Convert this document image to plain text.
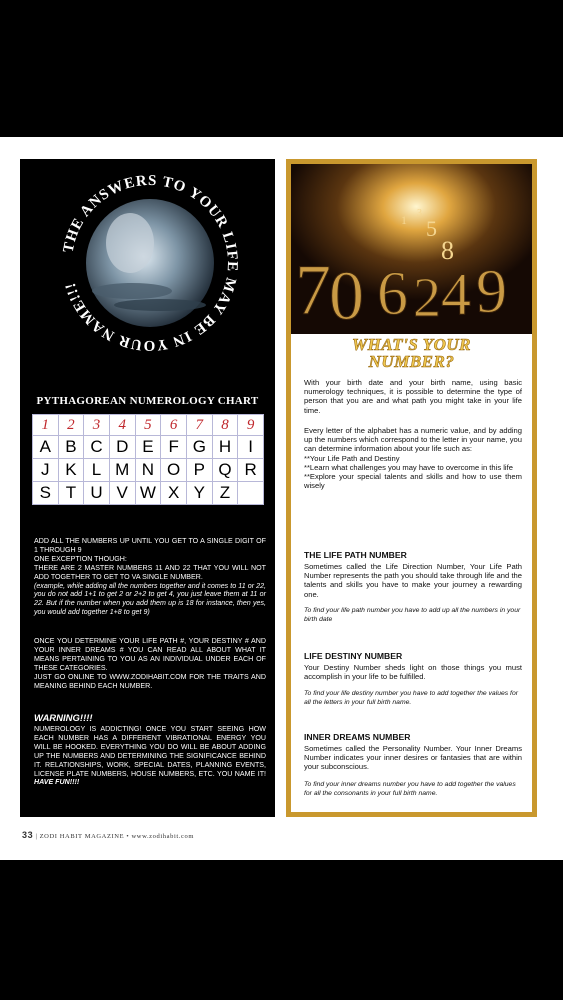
THE ANSWERS TO YOUR LIFE MAY BE IN YOUR NAME!!!
PYTHAGOREAN NUMEROLOGY CHART
1	2	3	4	5	6	7	8	9
A	B	C	D	E	F	G	H	I
J	K	L	M	N	O	P	Q	R
S	T	U	V	W	X	Y	Z	
ADD ALL THE NUMBERS UP UNTIL YOU GET TO A SINGLE DIGIT OF 1 THROUGH 9
ONE EXCEPTION THOUGH:
THERE ARE 2 MASTER NUMBERS 11 AND 22 THAT YOU WILL NOT ADD TOGETHER TO GET TO VA SINGLE NUMBER.
(example, while adding all the numbers together and it comes to 11 or 22, you do not add 1+1 to get 2 or 2+2 to get 4, you just leave them at 11 or 22. But if the number when you add them up is 18 for instance, then yes, you would add together 1+8 to get 9)
ONCE YOU DETERMINE YOUR LIFE PATH #, YOUR DESTINY # AND YOUR INNER DREAMS # YOU CAN READ ALL ABOUT WHAT IT MEANS PERTAINING TO YOU AS AN INDIVIDUAL UNDER EACH OF THESE CATEGORIES.
JUST GO ONLINE TO WWW.ZODIHABIT.COM FOR THE TRAITS AND MEANING BEHIND EACH NUMBER.
WARNING!!!!
NUMEROLOGY IS ADDICTING! ONCE YOU START SEEING HOW EACH NUMBER HAS A DIFFERENT VIBRATIONAL ENERGY YOU WILL BE HOOKED. EVERYTHING YOU DO WILL BE ABOUT ADDING UP THE NUMBERS AND DETERMINING THE SIGNIFICANCE BEHIND IT. RELATIONSHIPS, WORK, SPECIAL DATES, PLANNING EVENTS, LICENSE PLATE NUMBERS, HOUSE NUMBERS, ETC. YOU NAME IT! HAVE FUN!!!!
7
0 6 2 4 9
1 3
5
8
WHAT'S YOUR
NUMBER?
With your birth date and your birth name, using basic numerology techniques, it is possible to determine the type of person that you are and what path you might take in your life time.
Every letter of the alphabet has a numeric value, and by adding up the numbers which correspond to the letter in your name, you can determine information about your life such as:
**Your Life Path and Destiny
**Learn what challenges you may have to overcome in this life
**Explore your special talents and skills and how to use them wisely
THE LIFE PATH NUMBER
Sometimes called the Life Direction Number, Your Life Path Number represents the path you should take through life and the talents and skills you have to make your journey a rewarding one.
To find your life path number you have to add up all the numbers in your birth date
LIFE DESTINY NUMBER
Your Destiny Number sheds light on those things you must accomplish in your life to be fulfilled.
To find your life destiny number you have to add together the values for all the letters in your full birth name.
INNER DREAMS NUMBER
Sometimes called the Personality Number. Your Inner Dreams Number indicates your inner desires or fantasies that are within your subconscious.
To find your inner dreams number you have to add together the values for all the consonants in your full birth name.
33 | ZODI HABIT MAGAZINE • www.zodihabit.com
